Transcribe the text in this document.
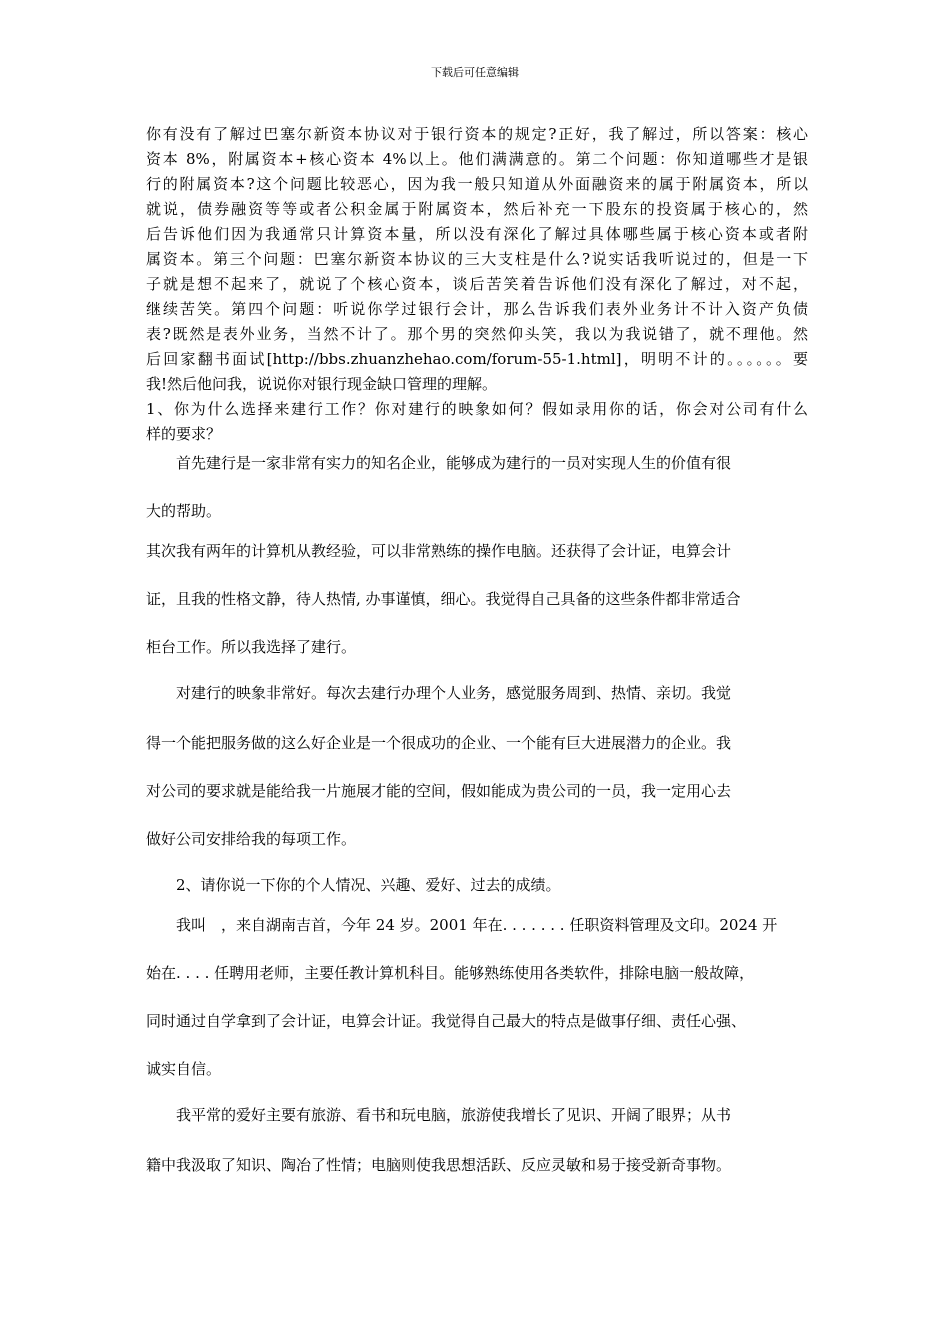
下载后可任意编辑
你有没有了解过巴塞尔新资本协议对于银行资本的规定?正好，我了解过，所以答案：核心
资本 8%，附属资本+核心资本 4%以上。他们满满意的。第二个问题：你知道哪些才是银
行的附属资本?这个问题比较恶心，因为我一般只知道从外面融资来的属于附属资本，所以
就说，债券融资等等或者公积金属于附属资本，然后补充一下股东的投资属于核心的，然
后告诉他们因为我通常只计算资本量，所以没有深化了解过具体哪些属于核心资本或者附
属资本。第三个问题：巴塞尔新资本协议的三大支柱是什么?说实话我听说过的，但是一下
子就是想不起来了，就说了个核心资本，谈后苦笑着告诉他们没有深化了解过，对不起，
继续苦笑。第四个问题：听说你学过银行会计，那么告诉我们表外业务计不计入资产负债
表?既然是表外业务，当然不计了。那个男的突然仰头笑，我以为我说错了，就不理他。然
后回家翻书面试[http://bbs.zhuanzhehao.com/forum-55-1.html]，明明不计的。。。。。。要
我!然后他问我，说说你对银行现金缺口管理的理解。
1、你为什么选择来建行工作？你对建行的映象如何？假如录用你的话，你会对公司有什么
样的要求？
首先建行是一家非常有实力的知名企业，能够成为建行的一员对实现人生的价值有很
大的帮助。
其次我有两年的计算机从教经验，可以非常熟练的操作电脑。还获得了会计证，电算会计
证，且我的性格文静，待人热情, 办事谨慎，细心。我觉得自己具备的这些条件都非常适合
柜台工作。所以我选择了建行。
对建行的映象非常好。每次去建行办理个人业务，感觉服务周到、热情、亲切。我觉
得一个能把服务做的这么好企业是一个很成功的企业、一个能有巨大进展潜力的企业。我
对公司的要求就是能给我一片施展才能的空间，假如能成为贵公司的一员，我一定用心去
做好公司安排给我的每项工作。
2、请你说一下你的个人情况、兴趣、爱好、过去的成绩。
我叫　，来自湖南吉首，今年 24 岁。2001 年在. . . . . . . 任职资料管理及文印。2024 开
始在. . . . 任聘用老师，主要任教计算机科目。能够熟练使用各类软件，排除电脑一般故障，
同时通过自学拿到了会计证，电算会计证。我觉得自己最大的特点是做事仔细、责任心强、
诚实自信。
我平常的爱好主要有旅游、看书和玩电脑，旅游使我增长了见识、开阔了眼界；从书
籍中我汲取了知识、陶冶了性情；电脑则使我思想活跃、反应灵敏和易于接受新奇事物。
